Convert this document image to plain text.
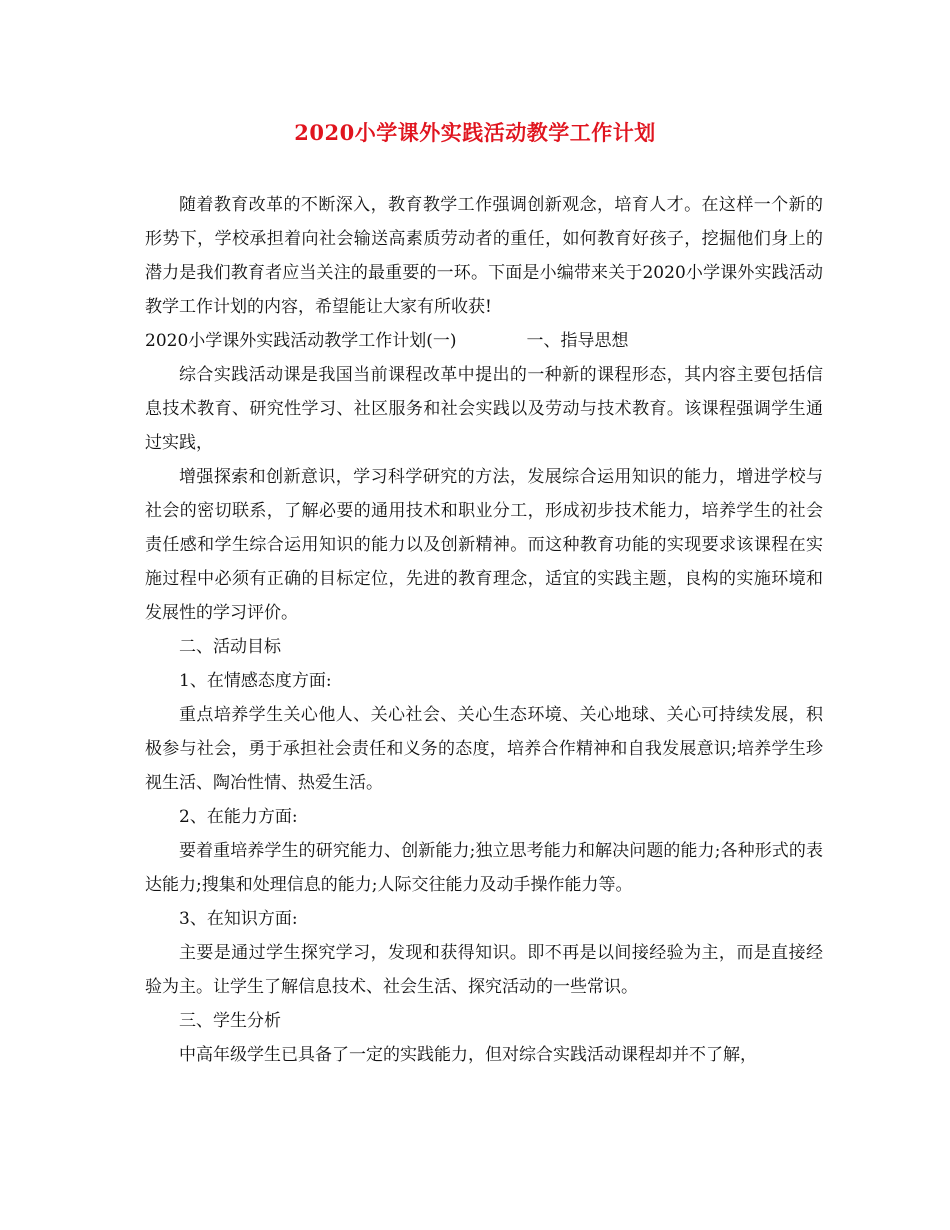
2020小学课外实践活动教学工作计划

随着教育改革的不断深入，教育教学工作强调创新观念，培育人才。在这样一个新的形势下，学校承担着向社会输送高素质劳动者的重任，如何教育好孩子，挖掘他们身上的潜力是我们教育者应当关注的最重要的一环。下面是小编带来关于2020小学课外实践活动教学工作计划的内容，希望能让大家有所收获!

2020小学课外实践活动教学工作计划(一)	一、指导思想

综合实践活动课是我国当前课程改革中提出的一种新的课程形态，其内容主要包括信息技术教育、研究性学习、社区服务和社会实践以及劳动与技术教育。该课程强调学生通过实践，

增强探索和创新意识，学习科学研究的方法，发展综合运用知识的能力，增进学校与社会的密切联系，了解必要的通用技术和职业分工，形成初步技术能力，培养学生的社会责任感和学生综合运用知识的能力以及创新精神。而这种教育功能的实现要求该课程在实施过程中必须有正确的目标定位，先进的教育理念，适宜的实践主题，良构的实施环境和发展性的学习评价。

二、活动目标

1、在情感态度方面:

重点培养学生关心他人、关心社会、关心生态环境、关心地球、关心可持续发展，积极参与社会，勇于承担社会责任和义务的态度，培养合作精神和自我发展意识;培养学生珍视生活、陶冶性情、热爱生活。

2、在能力方面:

要着重培养学生的研究能力、创新能力;独立思考能力和解决问题的能力;各种形式的表达能力;搜集和处理信息的能力;人际交往能力及动手操作能力等。

3、在知识方面:

主要是通过学生探究学习，发现和获得知识。即不再是以间接经验为主，而是直接经验为主。让学生了解信息技术、社会生活、探究活动的一些常识。

三、学生分析

中高年级学生已具备了一定的实践能力，但对综合实践活动课程却并不了解，
